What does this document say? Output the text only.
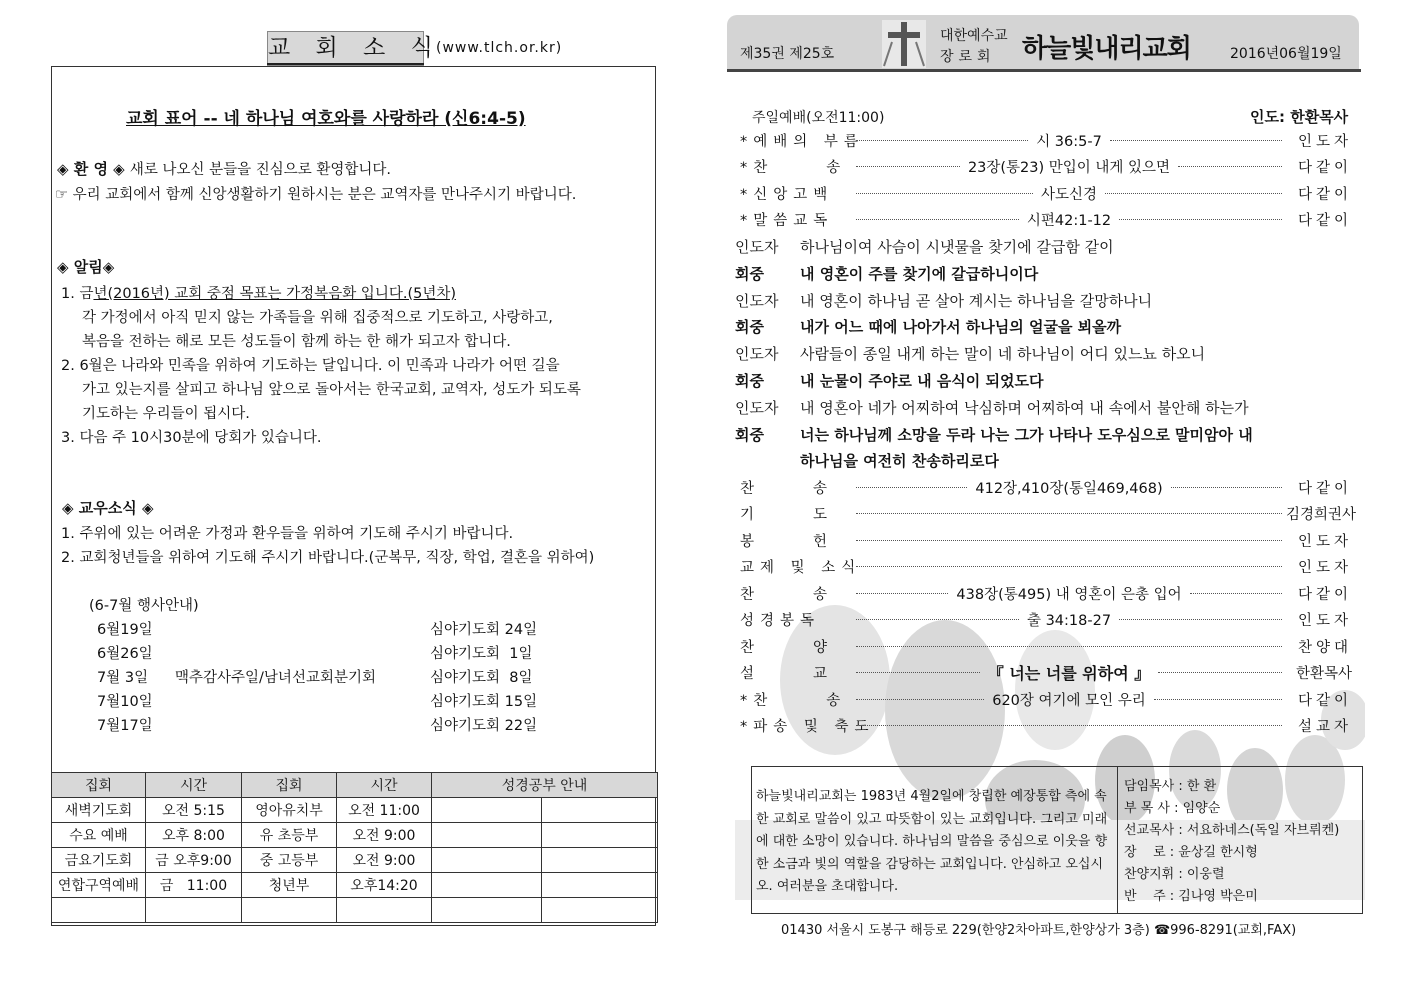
교 회 소 식
(www.tlch.or.kr)
교회 표어 -- 네 하나님 여호와를 사랑하라 (신6:4-5)
◈ 환 영 ◈ 새로 나오신 분들을 진심으로 환영합니다.
☞ 우리 교회에서 함께 신앙생활하기 원하시는 분은 교역자를 만나주시기 바랍니다.
◈ 알림◈
1. 금년(2016년) 교회 중점 목표는 가정복음화 입니다.(5년차)
각 가정에서 아직 믿지 않는 가족들을 위해 집중적으로 기도하고, 사랑하고,
복음을 전하는 해로 모든 성도들이 함께 하는 한 해가 되고자 합니다.
2. 6월은 나라와 민족을 위하여 기도하는 달입니다. 이 민족과 나라가 어떤 길을
가고 있는지를 살피고 하나님 앞으로 돌아서는 한국교회, 교역자, 성도가 되도록
기도하는 우리들이 됩시다.
3. 다음 주 10시30분에 당회가 있습니다.
◈ 교우소식 ◈
1. 주위에 있는 어려운 가정과 환우들을 위하여 기도해 주시기 바랍니다.
2. 교회청년들을 위하여 기도해 주시기 바랍니다.(군복무, 직장, 학업, 결혼을 위하여)
(6-7월 행사안내)
6월19일	심야기도회 24일
6월26일	심야기도회  1일
7월 3일 맥추감사주일/남녀선교회분기회	심야기도회  8일
7월10일	심야기도회 15일
7월17일	심야기도회 22일
집회	시간	집회	시간	성경공부 안내	
새벽기도회	오전 5:15	영아유치부	오전 11:00		
수요 예배	오후 8:00	유 초등부	오전 9:00		
금요기도회	금 오후9:00	중 고등부	오전 9:00		
연합구역예배	금   11:00	청년부	오후14:20		

제35권 제25호
대한예수교
장로회 하늘빛내리교회	2016년06월19일
주일예배(오전11:00)	인도: 한환목사
*예배의 부름	시 36:5-7	인도자
*찬     송	23장(통23) 만입이 내게 있으면	다같이
*신앙고백	사도신경	다같이
*말씀교독	시편42:1-12	다같이
인도자 하나님이여 사슴이 시냇물을 찾기에 갈급함 같이
회중 내 영혼이 주를 찾기에 갈급하니이다
인도자 내 영혼이 하나님 곧 살아 계시는 하나님을 갈망하나니
회중 내가 어느 때에 나아가서 하나님의 얼굴을 뵈올까
인도자 사람들이 종일 내게 하는 말이 네 하나님이 어디 있느뇨 하오니
회중 내 눈물이 주야로 내 음식이 되었도다
인도자 내 영혼아 네가 어찌하여 낙심하며 어찌하여 내 속에서 불안해 하는가
회중 너는 하나님께 소망을 두라 나는 그가 나타나 도우심으로 말미암아 내
하나님을 여전히 찬송하리로다
찬     송	412장,410장(통일469,468)	다같이
기     도	김경희권사
봉     헌	인도자
교제 및 소식	인도자
찬     송	438장(통495) 내 영혼이 은총 입어	다같이
성경봉독	출 34:18-27	인도자
찬     양	찬양대
설     교	『 너는 너를 위하여 』	한환목사
*찬     송	620장 여기에 모인 우리	다같이
*파송 및 축도	설교자
하늘빛내리교회는 1983년 4월2일에 창립한 예장통합 측에 속한 교회로 말씀이 있고 따뜻함이 있는 교회입니다. 그리고 미래에 대한 소망이 있습니다. 하나님의 말씀을 중심으로 이웃을 향한 소금과 빛의 역할을 감당하는 교회입니다. 안심하고 오십시오. 여러분을 초대합니다.
담임목사 : 한 환
부 목 사 : 임양순
선교목사 : 서요하네스(독일 자브뤼켄)
장    로 : 윤상길 한시형
찬양지휘 : 이웅렬
반    주 : 김나영 박은미
01430 서울시 도봉구 해등로 229(한양2차아파트,한양상가 3층) ☎996-8291(교회,FAX)
